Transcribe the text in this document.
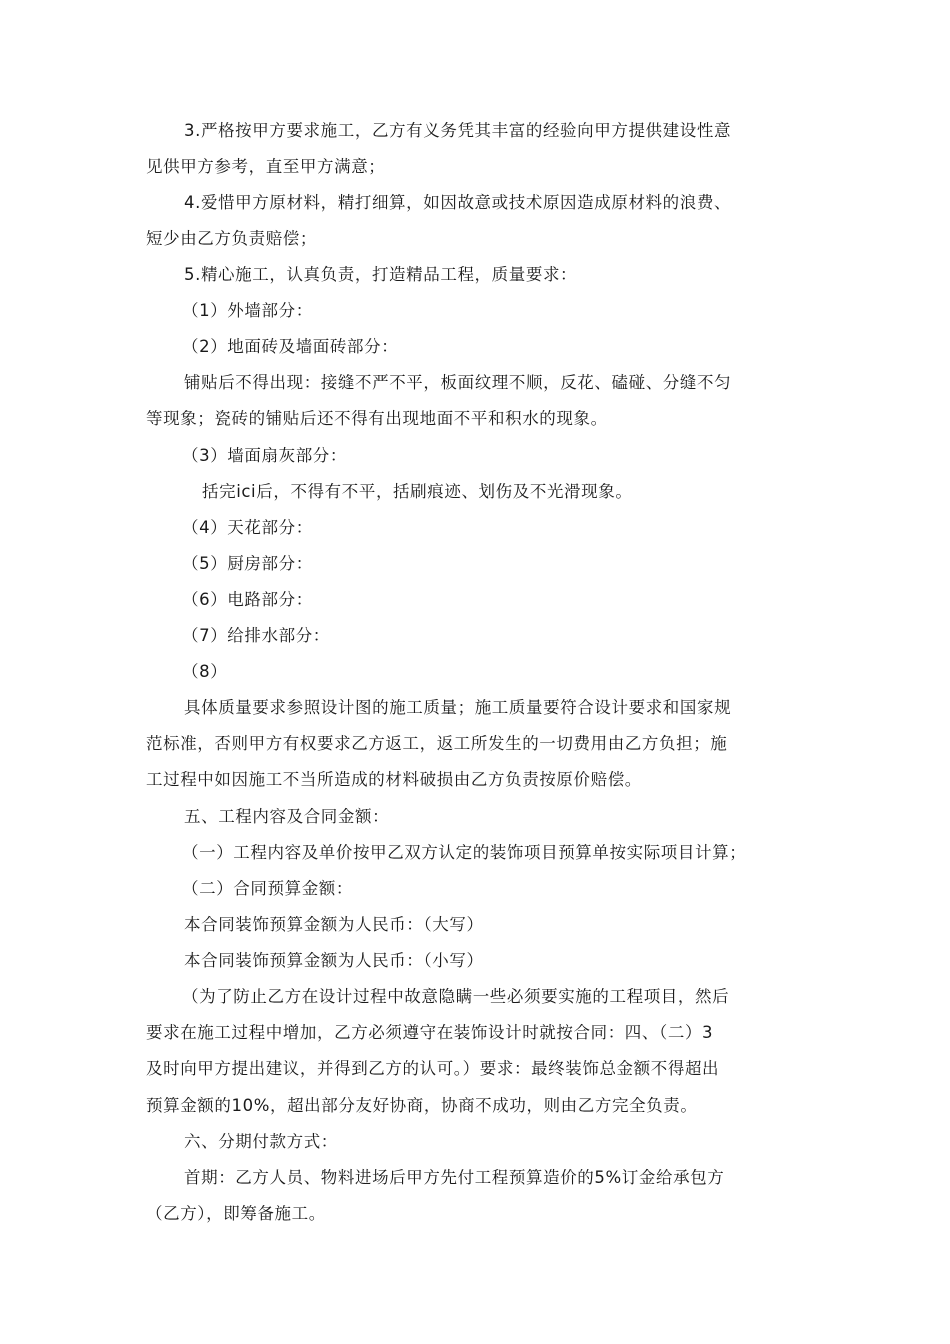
3.严格按甲方要求施工，乙方有义务凭其丰富的经验向甲方提供建设性意
见供甲方参考，直至甲方满意；
4.爱惜甲方原材料，精打细算，如因故意或技术原因造成原材料的浪费、
短少由乙方负责赔偿；
5.精心施工，认真负责，打造精品工程，质量要求：
（1）外墙部分：
（2）地面砖及墙面砖部分：
铺贴后不得出现：接缝不严不平，板面纹理不顺，反花、磕碰、分缝不匀
等现象；瓷砖的铺贴后还不得有出现地面不平和积水的现象。
（3）墙面扇灰部分：
括完ici后，不得有不平，括刷痕迹、划伤及不光滑现象。
（4）天花部分：
（5）厨房部分：
（6）电路部分：
（7）给排水部分：
（8）
具体质量要求参照设计图的施工质量；施工质量要符合设计要求和国家规
范标准，否则甲方有权要求乙方返工，返工所发生的一切费用由乙方负担；施
工过程中如因施工不当所造成的材料破损由乙方负责按原价赔偿。
五、工程内容及合同金额：
（一）工程内容及单价按甲乙双方认定的装饰项目预算单按实际项目计算；
（二）合同预算金额：
本合同装饰预算金额为人民币：（大写）
本合同装饰预算金额为人民币：（小写）
（为了防止乙方在设计过程中故意隐瞒一些必须要实施的工程项目，然后
要求在施工过程中增加，乙方必须遵守在装饰设计时就按合同：四、（二）3
及时向甲方提出建议，并得到乙方的认可。）要求：最终装饰总金额不得超出
预算金额的10%，超出部分友好协商，协商不成功，则由乙方完全负责。
六、分期付款方式：
首期：乙方人员、物料进场后甲方先付工程预算造价的5%订金给承包方
（乙方），即筹备施工。
